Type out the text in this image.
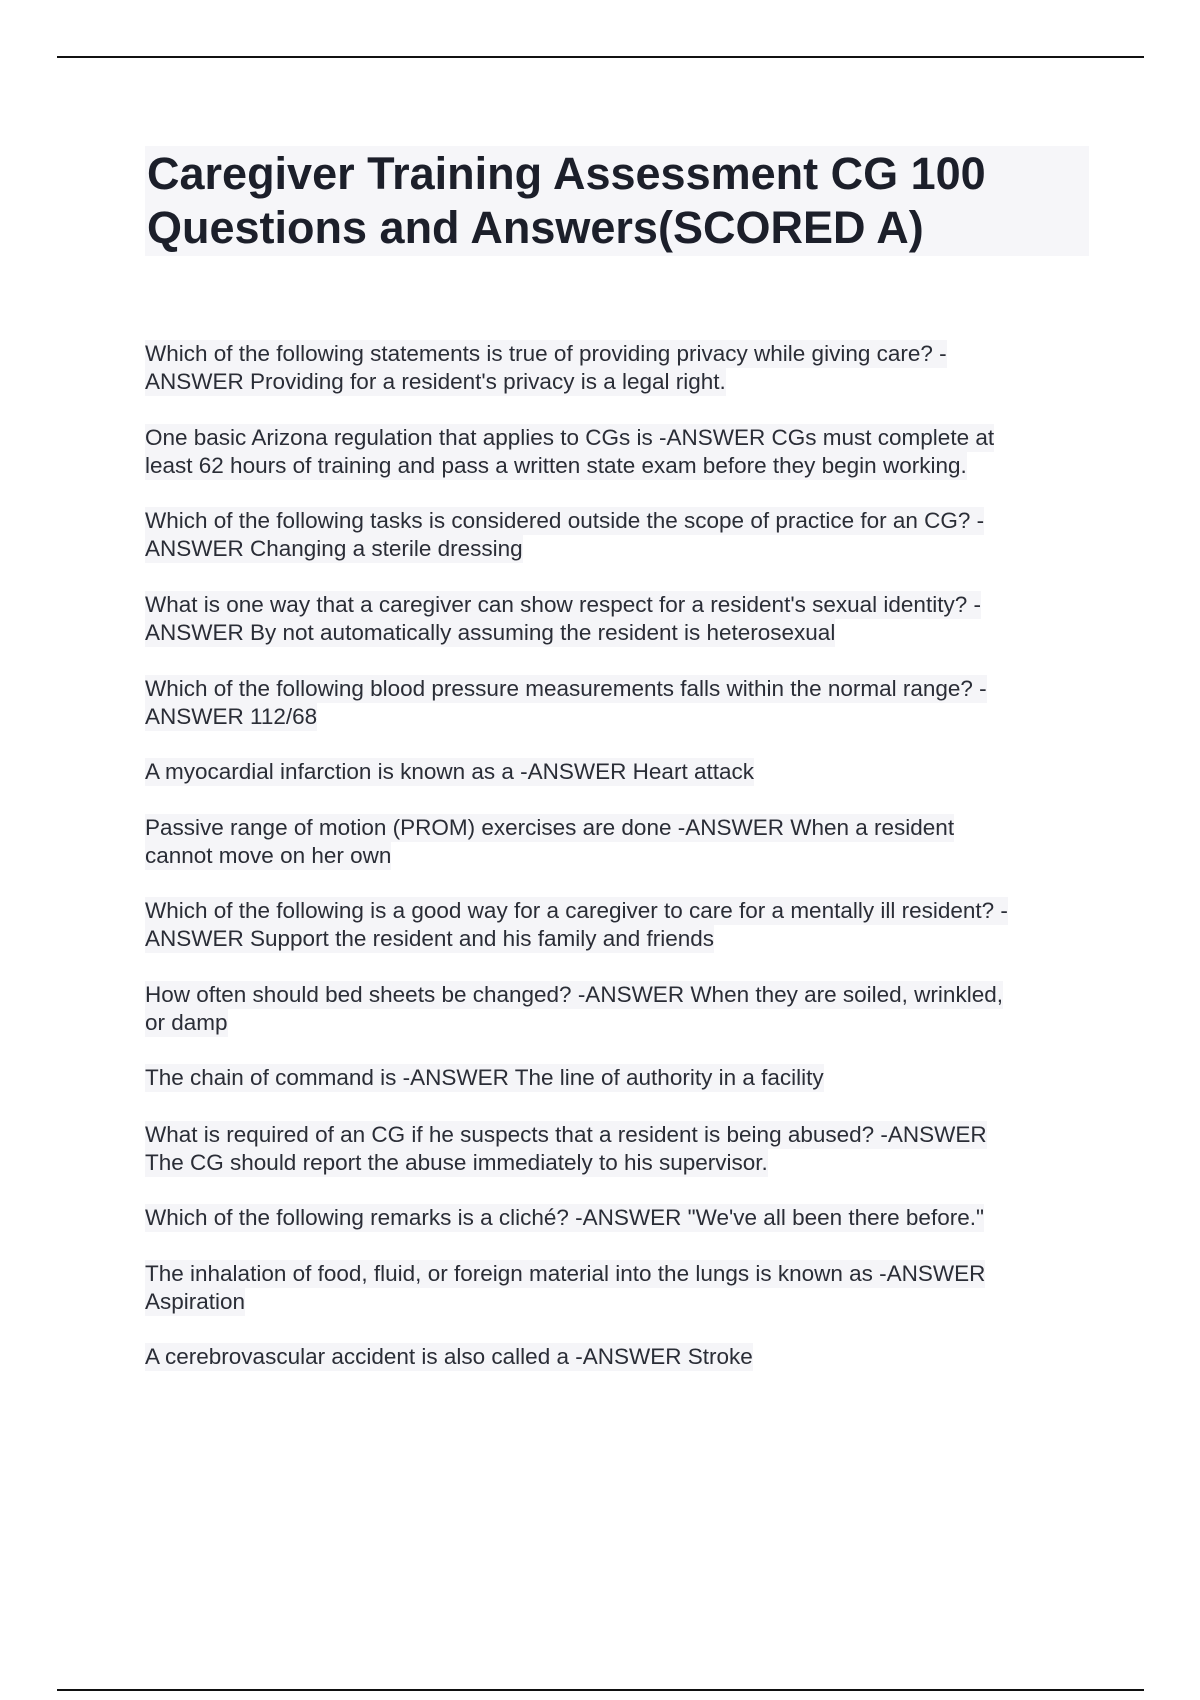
Caregiver Training Assessment CG 100
Questions and Answers(SCORED A)
Which of the following statements is true of providing privacy while giving care? -
ANSWER Providing for a resident's privacy is a legal right.
One basic Arizona regulation that applies to CGs is -ANSWER CGs must complete at
least 62 hours of training and pass a written state exam before they begin working.
Which of the following tasks is considered outside the scope of practice for an CG? -
ANSWER Changing a sterile dressing
What is one way that a caregiver can show respect for a resident's sexual identity? -
ANSWER By not automatically assuming the resident is heterosexual
Which of the following blood pressure measurements falls within the normal range? -
ANSWER 112/68
A myocardial infarction is known as a -ANSWER Heart attack
Passive range of motion (PROM) exercises are done -ANSWER When a resident
cannot move on her own
Which of the following is a good way for a caregiver to care for a mentally ill resident? -
ANSWER Support the resident and his family and friends
How often should bed sheets be changed? -ANSWER When they are soiled, wrinkled,
or damp
The chain of command is -ANSWER The line of authority in a facility
What is required of an CG if he suspects that a resident is being abused? -ANSWER
The CG should report the abuse immediately to his supervisor.
Which of the following remarks is a cliché? -ANSWER "We've all been there before."
The inhalation of food, fluid, or foreign material into the lungs is known as -ANSWER
Aspiration
A cerebrovascular accident is also called a -ANSWER Stroke
